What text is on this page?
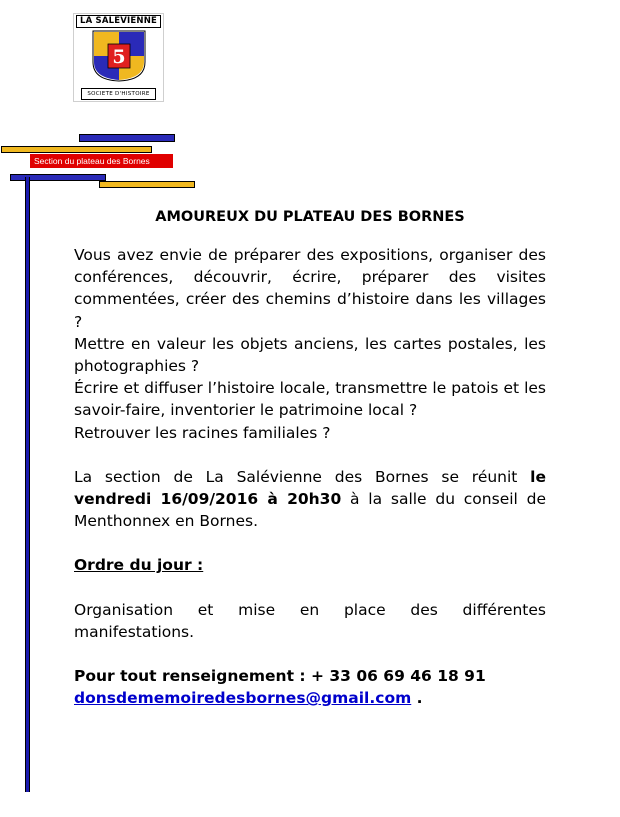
LA SALEVIENNE
5
SOCIETE D'HISTOIRE
Section du plateau des Bornes
AMOUREUX DU PLATEAU DES BORNES

Vous avez envie de préparer des expositions, organiser des conférences, découvrir, écrire, préparer des visites commentées, créer des chemins d’histoire dans les villages ?
Mettre en valeur les objets anciens, les cartes postales, les photographies ?
Écrire et diffuser l’histoire locale, transmettre le patois et les savoir-faire, inventorier le patrimoine local ?
Retrouver les racines familiales ?

La section de La Salévienne des Bornes se réunit le vendredi 16/09/2016 à 20h30 à la salle du conseil de Menthonnex en Bornes.

Ordre du jour :

Organisation et mise en place des différentes manifestations.

Pour tout renseignement : + 33 06 69 46 18 91
donsdememoiredesbornes@gmail.com .
